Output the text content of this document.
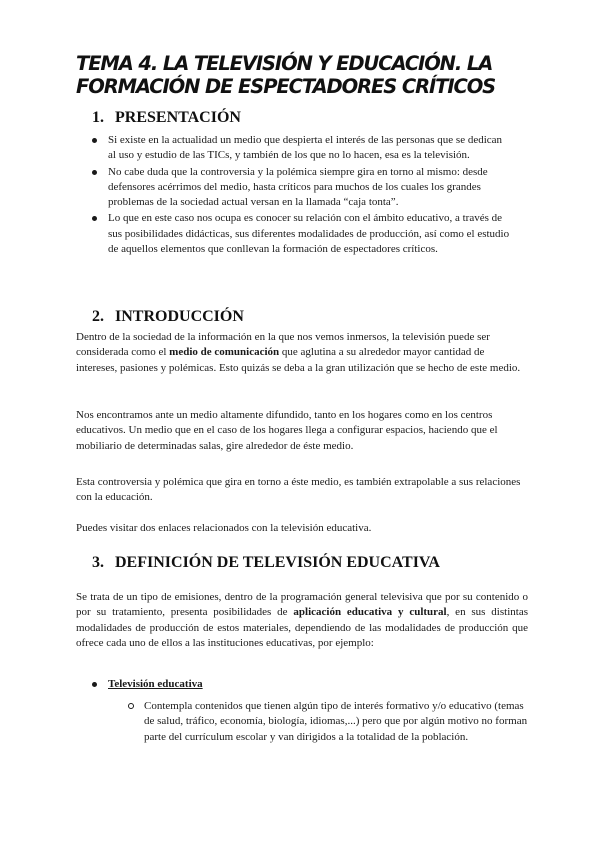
TEMA 4. LA TELEVISIÓN Y EDUCACIÓN. LA
FORMACIÓN DE ESPECTADORES CRÍTICOS
1. PRESENTACIÓN
Si existe en la actualidad un medio que despierta el interés de las personas que se dedican al uso y estudio de las TICs, y también de los que no lo hacen, esa es la televisión.
No cabe duda que la controversia y la polémica siempre gira en torno al mismo: desde defensores acérrimos del medio, hasta críticos para muchos de los cuales los grandes problemas de la sociedad actual versan en la llamada “caja tonta”.
Lo que en este caso nos ocupa es conocer su relación con el ámbito educativo, a través de sus posibilidades didácticas, sus diferentes modalidades de producción, así como el estudio de aquellos elementos que conllevan la formación de espectadores críticos.
2. INTRODUCCIÓN

Dentro de la sociedad de la información en la que nos vemos inmersos, la televisión puede ser considerada como el medio de comunicación que aglutina a su alrededor mayor cantidad de intereses, pasiones y polémicas. Esto quizás se deba a la gran utilización que se hecho de este medio.

Nos encontramos ante un medio altamente difundido, tanto en los hogares como en los centros educativos. Un medio que en el caso de los hogares llega a configurar espacios, haciendo que el mobiliario de determinadas salas, gire alrededor de éste medio.

Esta controversia y polémica que gira en torno a éste medio, es también extrapolable a sus relaciones con la educación.

Puedes visitar dos enlaces relacionados con la televisión educativa.

3. DEFINICIÓN DE TELEVISIÓN EDUCATIVA

Se trata de un tipo de emisiones, dentro de la programación general televisiva que por su contenido o por su tratamiento, presenta posibilidades de aplicación educativa y cultural, en sus distintas modalidades de producción de estos materiales, dependiendo de las modalidades de producción que ofrece cada uno de ellos a las instituciones educativas, por ejemplo:

Televisión educativa
Contempla contenidos que tienen algún tipo de interés formativo y/o educativo (temas de salud, tráfico, economía, biología, idiomas,...) pero que por algún motivo no forman parte del currículum escolar y van dirigidos a la totalidad de la población.
